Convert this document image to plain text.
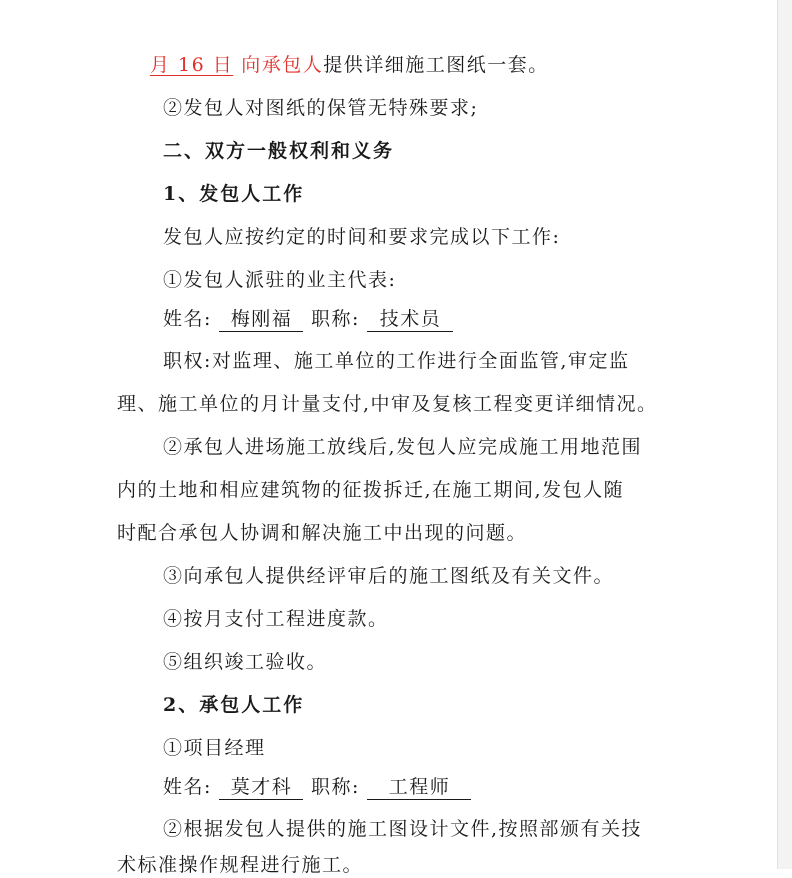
月 16 日 向承包人提供详细施工图纸一套。
②发包人对图纸的保管无特殊要求;
二、双方一般权利和义务
1、发包人工作
发包人应按约定的时间和要求完成以下工作:
①发包人派驻的业主代表:
姓名: 梅刚福 职称: 技术员
职权:对监理、施工单位的工作进行全面监管,审定监
理、施工单位的月计量支付,中审及复核工程变更详细情况。
②承包人进场施工放线后,发包人应完成施工用地范围
内的土地和相应建筑物的征拨拆迁,在施工期间,发包人随
时配合承包人协调和解决施工中出现的问题。
③向承包人提供经评审后的施工图纸及有关文件。
④按月支付工程进度款。
⑤组织竣工验收。
2、承包人工作
①项目经理
姓名: 莫才科 职称: 工程师
②根据发包人提供的施工图设计文件,按照部颁有关技
术标准操作规程进行施工。
